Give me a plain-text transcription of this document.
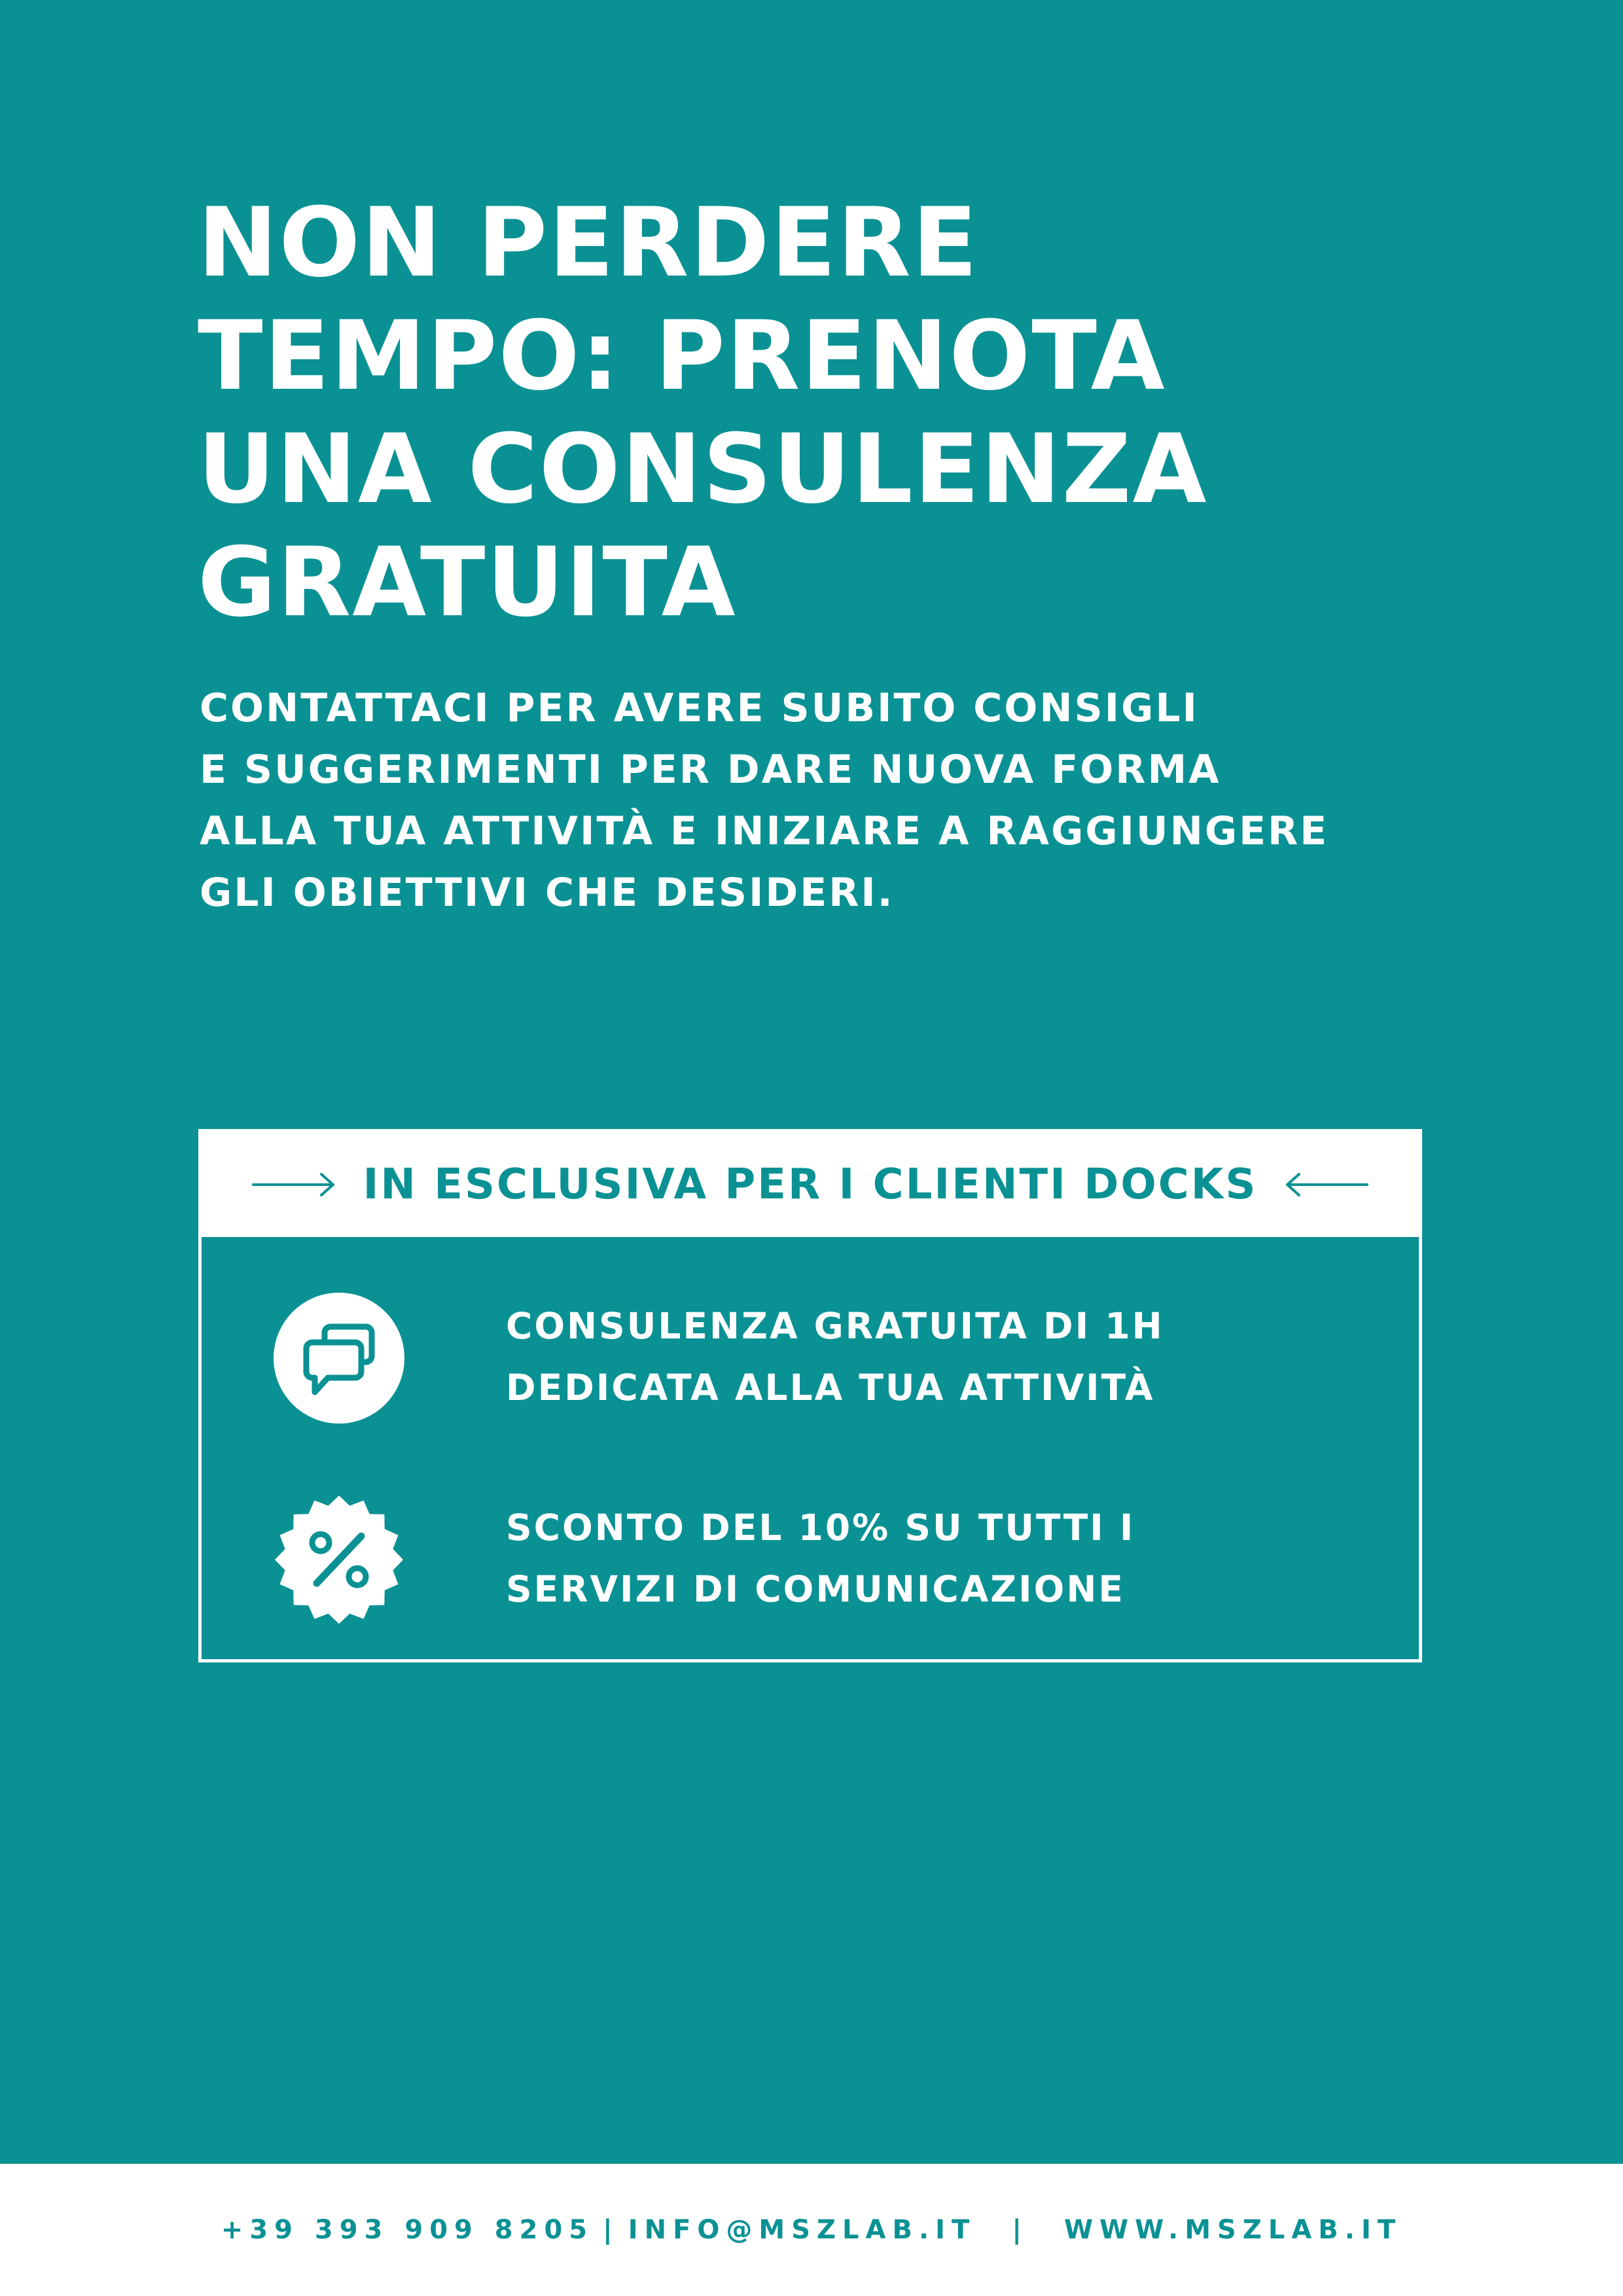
NON PERDERE
TEMPO: PRENOTA
UNA CONSULENZA
GRATUITA
CONTATTACI PER AVERE SUBITO CONSIGLI
E SUGGERIMENTI PER DARE NUOVA FORMA
ALLA TUA ATTIVITÀ E INIZIARE A RAGGIUNGERE
GLI OBIETTIVI CHE DESIDERI.
IN ESCLUSIVA PER I CLIENTI DOCKS
CONSULENZA GRATUITA DI 1H
DEDICATA ALLA TUA ATTIVITÀ
SCONTO DEL 10% SU TUTTI I
SERVIZI DI COMUNICAZIONE
+39 393 909 8205 | INFO@MSZLAB.IT | WWW.MSZLAB.IT
